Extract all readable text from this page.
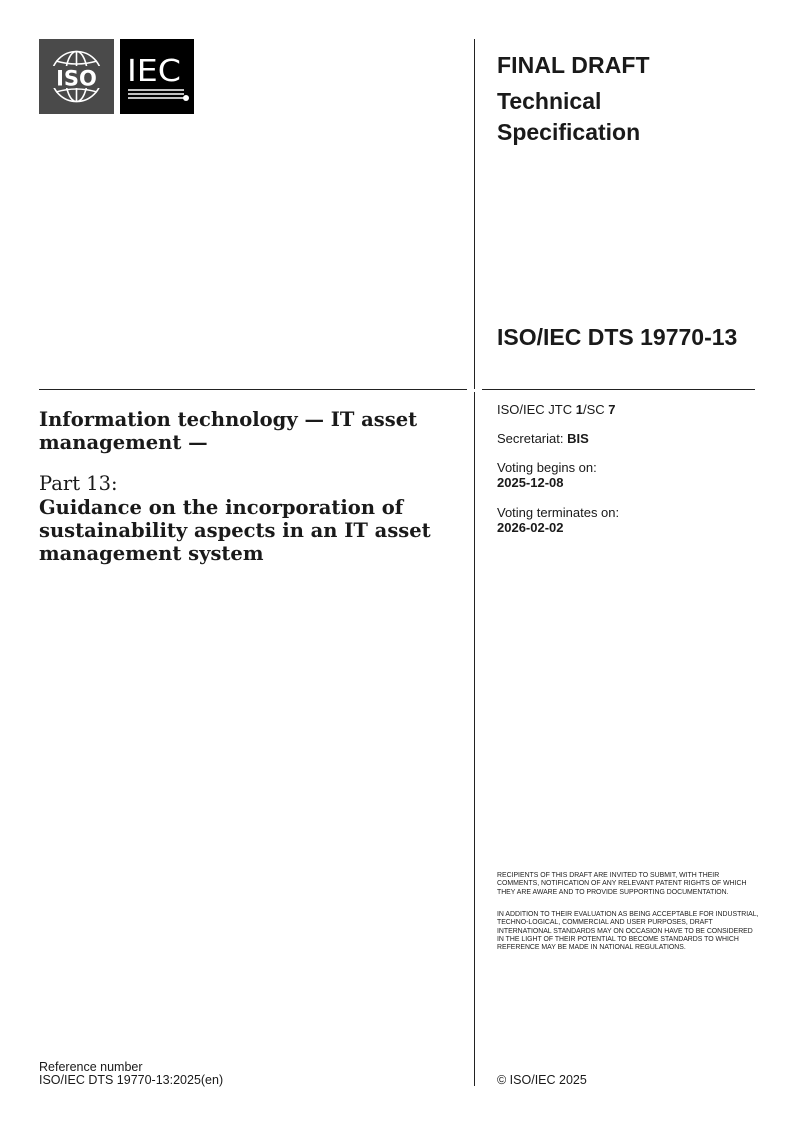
ISO IEC	FINAL DRAFT
Technical Specification
ISO/IEC DTS 19770-13
ISO/IEC JTC 1/SC 7
Secretariat: BIS
Voting begins on:
2025-12-08
Voting terminates on:
2026-02-02
Information technology — IT asset management —
Part 13:
Guidance on the incorporation of sustainability aspects in an IT asset management system
RECIPIENTS OF THIS DRAFT ARE INVITED TO SUBMIT, WITH THEIR COMMENTS, NOTIFICATION OF ANY RELEVANT PATENT RIGHTS OF WHICH THEY ARE AWARE AND TO PROVIDE SUPPORTING DOCUMENTATION.
IN ADDITION TO THEIR EVALUATION AS BEING ACCEPTABLE FOR INDUSTRIAL, TECHNO-LOGICAL, COMMERCIAL AND USER PURPOSES, DRAFT INTERNATIONAL STANDARDS MAY ON OCCASION HAVE TO BE CONSIDERED IN THE LIGHT OF THEIR POTENTIAL TO BECOME STANDARDS TO WHICH REFERENCE MAY BE MADE IN NATIONAL REGULATIONS.
Reference number
ISO/IEC DTS 19770-13:2025(en)	© ISO/IEC 2025
